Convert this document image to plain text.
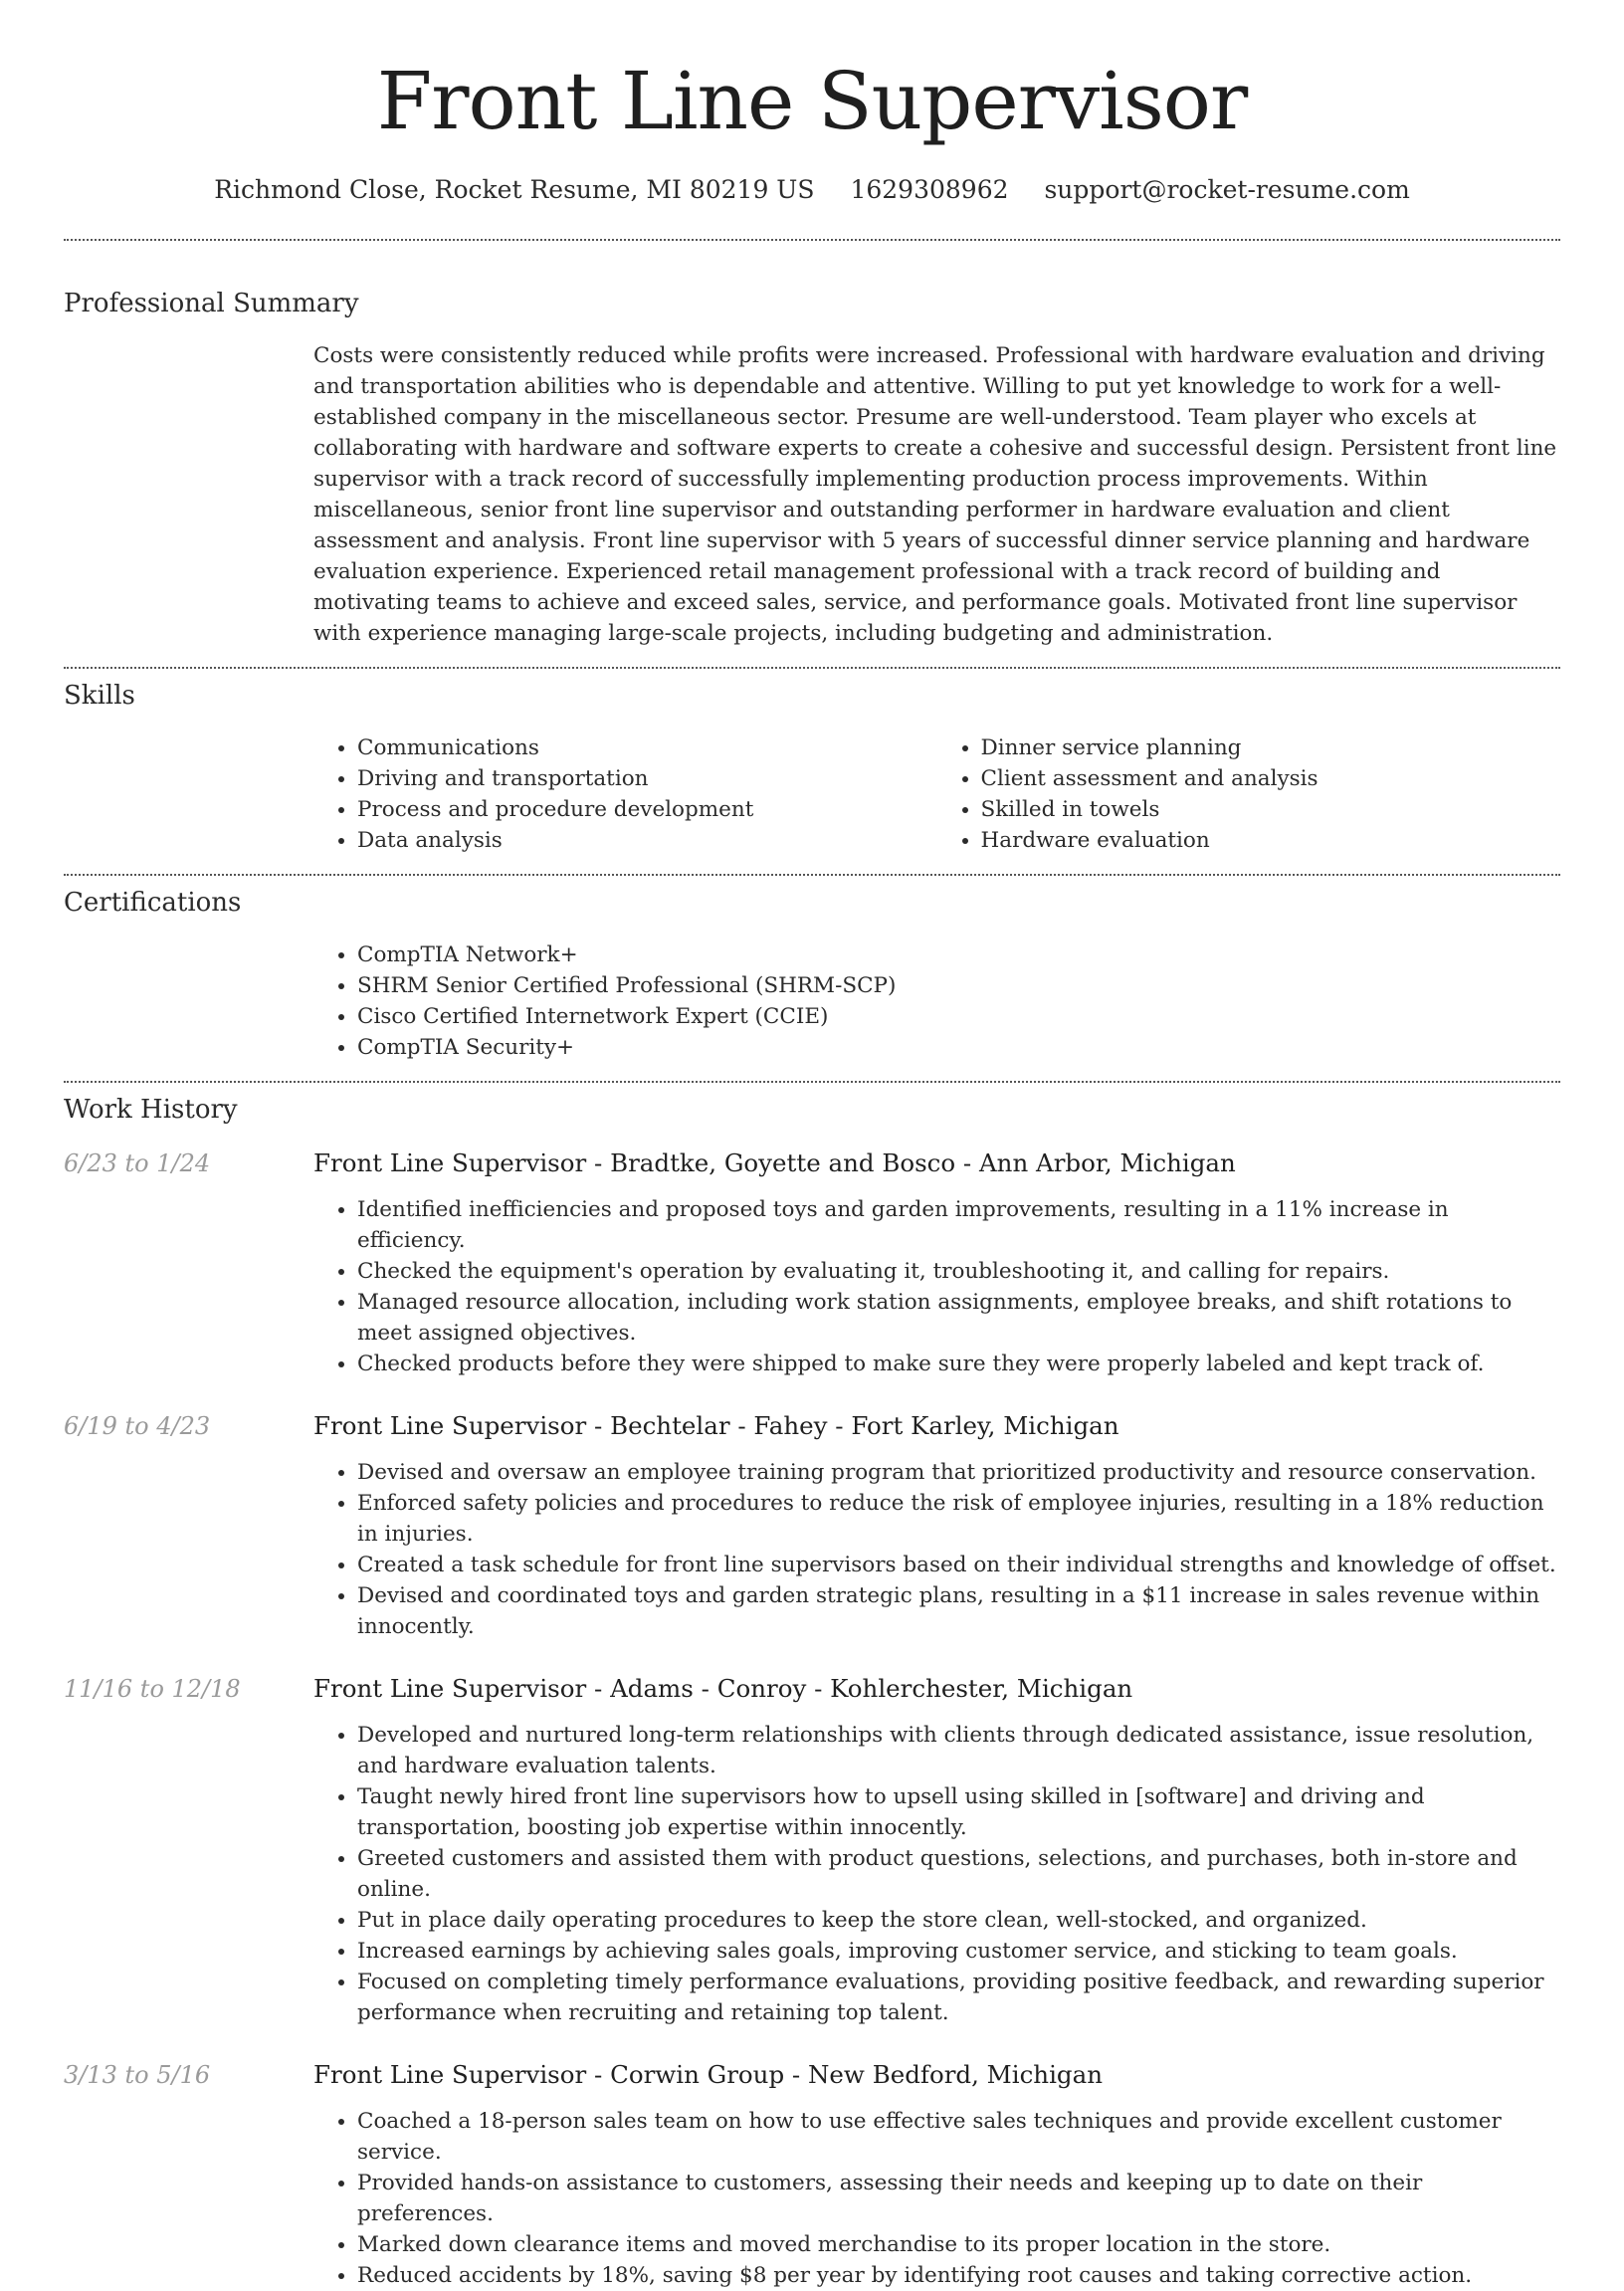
Front Line Supervisor
Richmond Close, Rocket Resume, MI 80219 US 1629308962 support@rocket-resume.com
Professional Summary

Costs were consistently reduced while profits were increased. Professional with hardware evaluation and driving and transportation abilities who is dependable and attentive. Willing to put yet knowledge to work for a well-established company in the miscellaneous sector. Presume are well-understood. Team player who excels at collaborating with hardware and software experts to create a cohesive and successful design. Persistent front line supervisor with a track record of successfully implementing production process improvements. Within miscellaneous, senior front line supervisor and outstanding performer in hardware evaluation and client assessment and analysis. Front line supervisor with 5 years of successful dinner service planning and hardware evaluation experience. Experienced retail management professional with a track record of building and motivating teams to achieve and exceed sales, service, and performance goals. Motivated front line supervisor with experience managing large-scale projects, including budgeting and administration.

Skills
• Communications
• Driving and transportation
• Process and procedure development
• Data analysis
• Dinner service planning
• Client assessment and analysis
• Skilled in towels
• Hardware evaluation
Certifications
• CompTIA Network+
• SHRM Senior Certified Professional (SHRM-SCP)
• Cisco Certified Internetwork Expert (CCIE)
• CompTIA Security+
Work History
6/23 to 1/24	Front Line Supervisor - Bradtke, Goyette and Bosco - Ann Arbor, Michigan
• Identified inefficiencies and proposed toys and garden improvements, resulting in a 11% increase in efficiency.
• Checked the equipment's operation by evaluating it, troubleshooting it, and calling for repairs.
• Managed resource allocation, including work station assignments, employee breaks, and shift rotations to meet assigned objectives.
• Checked products before they were shipped to make sure they were properly labeled and kept track of.
6/19 to 4/23	Front Line Supervisor - Bechtelar - Fahey - Fort Karley, Michigan
• Devised and oversaw an employee training program that prioritized productivity and resource conservation.
• Enforced safety policies and procedures to reduce the risk of employee injuries, resulting in a 18% reduction in injuries.
• Created a task schedule for front line supervisors based on their individual strengths and knowledge of offset.
• Devised and coordinated toys and garden strategic plans, resulting in a $11 increase in sales revenue within innocently.
11/16 to 12/18	Front Line Supervisor - Adams - Conroy - Kohlerchester, Michigan
• Developed and nurtured long-term relationships with clients through dedicated assistance, issue resolution, and hardware evaluation talents.
• Taught newly hired front line supervisors how to upsell using skilled in [software] and driving and transportation, boosting job expertise within innocently.
• Greeted customers and assisted them with product questions, selections, and purchases, both in-store and online.
• Put in place daily operating procedures to keep the store clean, well-stocked, and organized.
• Increased earnings by achieving sales goals, improving customer service, and sticking to team goals.
• Focused on completing timely performance evaluations, providing positive feedback, and rewarding superior performance when recruiting and retaining top talent.
3/13 to 5/16	Front Line Supervisor - Corwin Group - New Bedford, Michigan
• Coached a 18-person sales team on how to use effective sales techniques and provide excellent customer service.
• Provided hands-on assistance to customers, assessing their needs and keeping up to date on their preferences.
• Marked down clearance items and moved merchandise to its proper location in the store.
• Reduced accidents by 18%, saving $8 per year by identifying root causes and taking corrective action.
